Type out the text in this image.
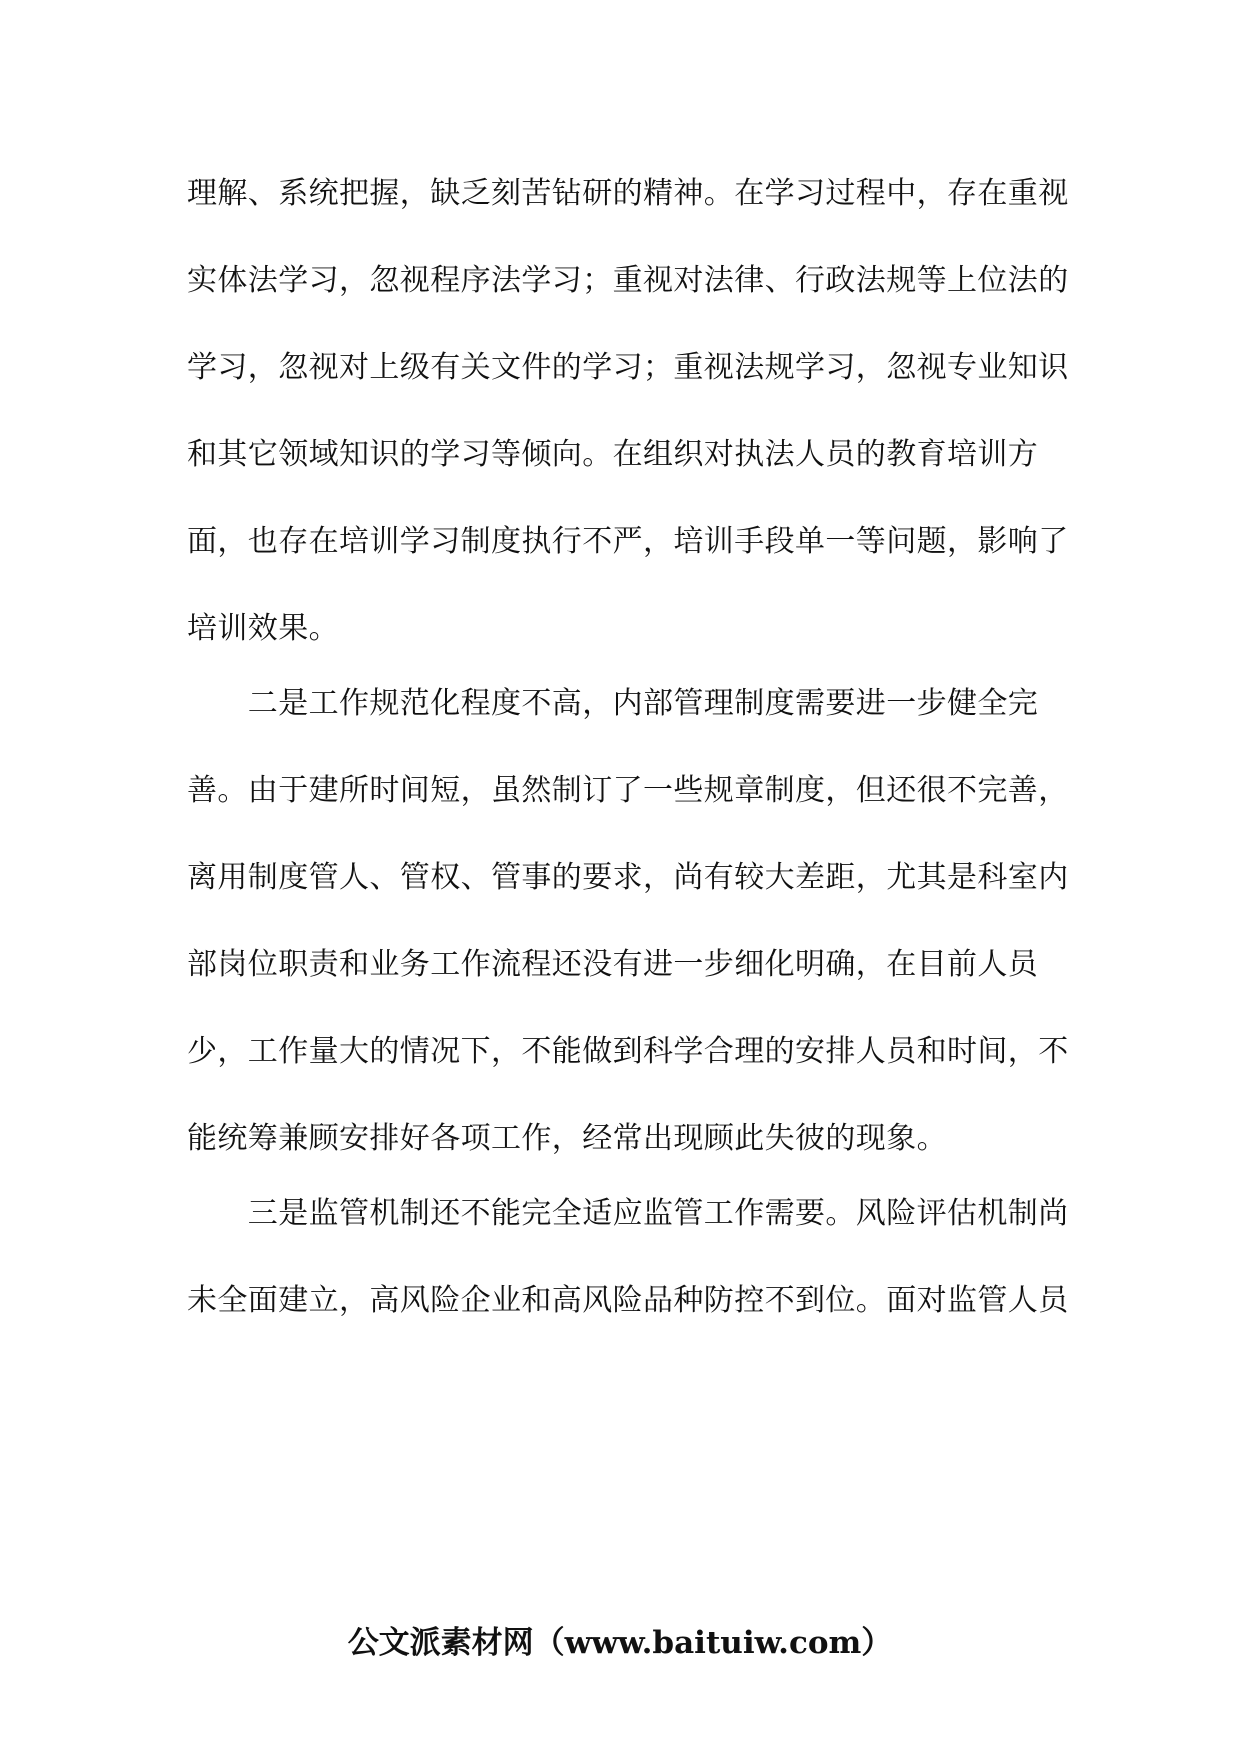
理解、系统把握，缺乏刻苦钻研的精神。在学习过程中，存在重视
实体法学习，忽视程序法学习；重视对法律、行政法规等上位法的
学习，忽视对上级有关文件的学习；重视法规学习，忽视专业知识
和其它领域知识的学习等倾向。在组织对执法人员的教育培训方
面，也存在培训学习制度执行不严，培训手段单一等问题，影响了
培训效果。
　　二是工作规范化程度不高，内部管理制度需要进一步健全完
善。由于建所时间短，虽然制订了一些规章制度，但还很不完善，
离用制度管人、管权、管事的要求，尚有较大差距，尤其是科室内
部岗位职责和业务工作流程还没有进一步细化明确，在目前人员
少，工作量大的情况下，不能做到科学合理的安排人员和时间，不
能统筹兼顾安排好各项工作，经常出现顾此失彼的现象。
　　三是监管机制还不能完全适应监管工作需要。风险评估机制尚
未全面建立，高风险企业和高风险品种防控不到位。面对监管人员
公文派素材网（www.baituiw.com）
